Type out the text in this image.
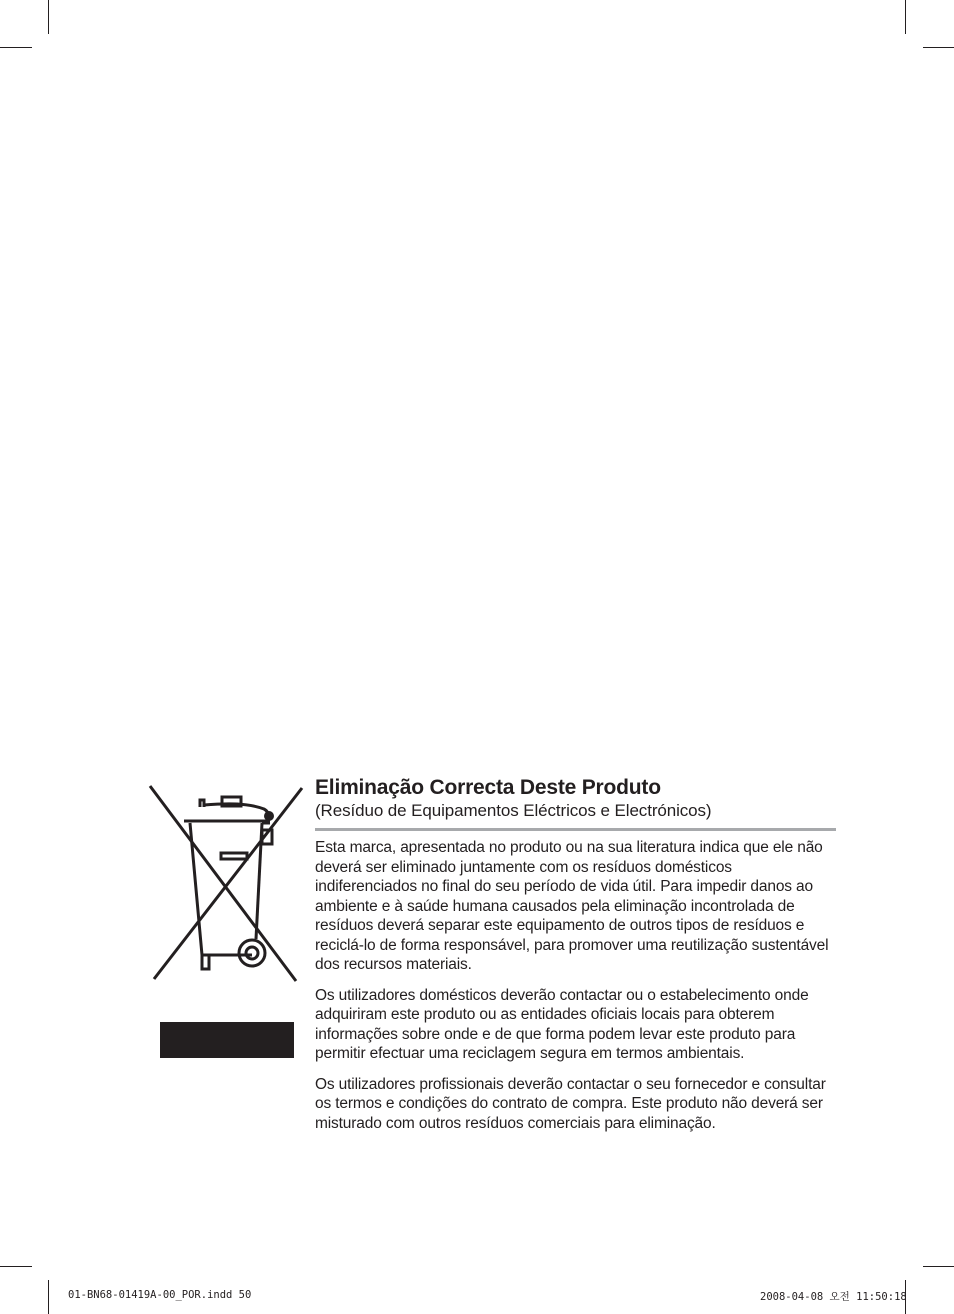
Eliminação Correcta Deste Produto

(Resíduo de Equipamentos Eléctricos e Electrónicos)

Esta marca, apresentada no produto ou na sua literatura indica que ele não deverá ser eliminado juntamente com os resíduos domésticos indiferenciados no final do seu período de vida útil. Para impedir danos ao ambiente e à saúde humana causados pela eliminação incontrolada de resíduos deverá separar este equipamento de outros tipos de resíduos e reciclá-lo de forma responsável, para promover uma reutilização sustentável dos recursos materiais.

Os utilizadores domésticos deverão contactar ou o estabelecimento onde adquiriram este produto ou as entidades oficiais locais para obterem informações sobre onde e de que forma podem levar este produto para permitir efectuar uma reciclagem segura em termos ambientais.

Os utilizadores profissionais deverão contactar o seu fornecedor e consultar os termos e condições do contrato de compra. Este produto não deverá ser misturado com outros resíduos comerciais para eliminação.

01-BN68-01419A-00_POR.indd 50	2008-04-08 오전 11:50:18
